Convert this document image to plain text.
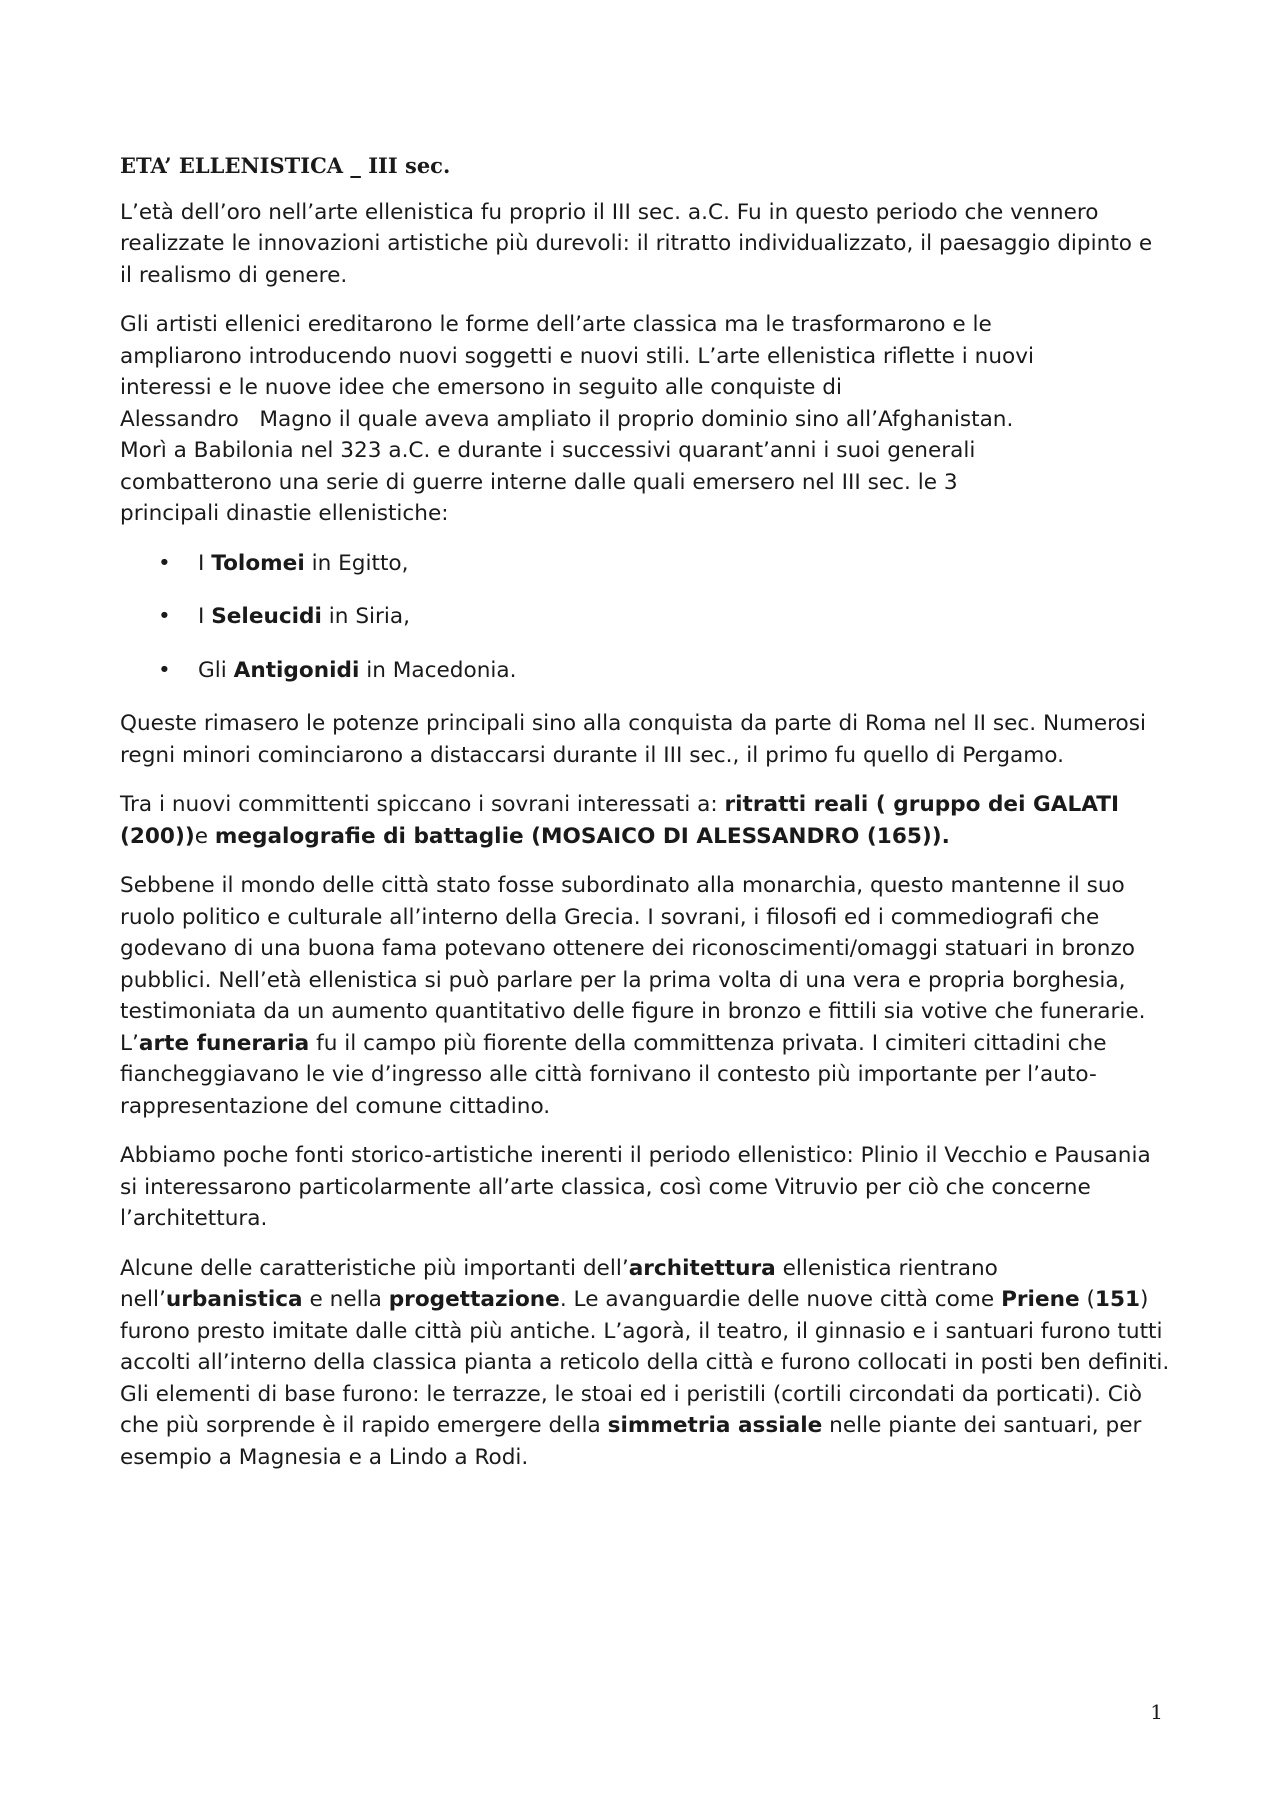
ETA’ ELLENISTICA _ III sec.

L’età dell’oro nell’arte ellenistica fu proprio il III sec. a.C. Fu in questo periodo che vennero realizzate le innovazioni artistiche più durevoli: il ritratto individualizzato, il paesaggio dipinto e il realismo di genere.

Gli artisti ellenici ereditarono le forme dell’arte classica ma le trasformarono e le
ampliarono introducendo nuovi soggetti e nuovi stili. L’arte ellenistica riflette i nuovi
interessi e le nuove idee che emersono in seguito alle conquiste di
Alessandro   Magno il quale aveva ampliato il proprio dominio sino all’Afghanistan.
Morì a Babilonia nel 323 a.C. e durante i successivi quarant’anni i suoi generali
combatterono una serie di guerre interne dalle quali emersero nel III sec. le 3
principali dinastie ellenistiche:

• I Tolomei in Egitto,
• I Seleucidi in Siria,
• Gli Antigonidi in Macedonia.

Queste rimasero le potenze principali sino alla conquista da parte di Roma nel II sec. Numerosi regni minori cominciarono a distaccarsi durante il III sec., il primo fu quello di Pergamo.

Tra i nuovi committenti spiccano i sovrani interessati a: ritratti reali ( gruppo dei GALATI (200))e megalografie di battaglie (MOSAICO DI ALESSANDRO (165)).

Sebbene il mondo delle città stato fosse subordinato alla monarchia, questo mantenne il suo ruolo politico e culturale all’interno della Grecia. I sovrani, i filosofi ed i commediografi che godevano di una buona fama potevano ottenere dei riconoscimenti/omaggi statuari in bronzo pubblici. Nell’età ellenistica si può parlare per la prima volta di una vera e propria borghesia, testimoniata da un aumento quantitativo delle figure in bronzo e fittili sia votive che funerarie. L’arte funeraria fu il campo più fiorente della committenza privata. I cimiteri cittadini che fiancheggiavano le vie d’ingresso alle città fornivano il contesto più importante per l’auto-rappresentazione del comune cittadino.

Abbiamo poche fonti storico-artistiche inerenti il periodo ellenistico: Plinio il Vecchio e Pausania si interessarono particolarmente all’arte classica, così come Vitruvio per ciò che concerne l’architettura.

Alcune delle caratteristiche più importanti dell’architettura ellenistica rientrano nell’urbanistica e nella progettazione. Le avanguardie delle nuove città come Priene (151) furono presto imitate dalle città più antiche. L’agorà, il teatro, il ginnasio e i santuari furono tutti accolti all’interno della classica pianta a reticolo della città e furono collocati in posti ben definiti. Gli elementi di base furono: le terrazze, le stoai ed i peristili (cortili circondati da porticati). Ciò che più sorprende è il rapido emergere della simmetria assiale nelle piante dei santuari, per esempio a Magnesia e a Lindo a Rodi.

1
